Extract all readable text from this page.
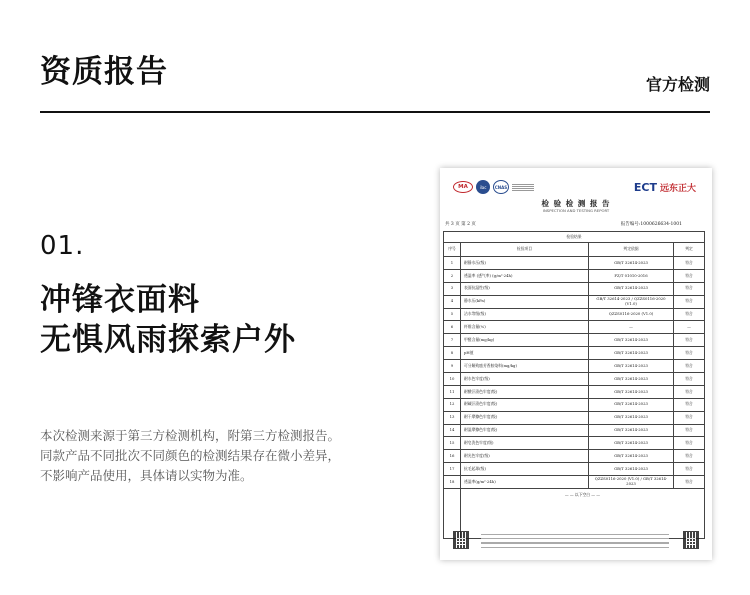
资质报告	官方检测
01.
冲锋衣面料
无惧风雨探索户外
本次检测来源于第三方检测机构，附第三方检测报告。
同款产品不同批次不同颜色的检测结果存在微小差异，
不影响产品使用，具体请以实物为准。
MA	ilac	CNAS	ECT 远东正大
检 验 检 测 报 告
INSPECTION AND TESTING REPORT
共 3 页 第 2 页	报告编号:1000626634-1001
检验结果			
序号	检验项目	判定依据	判定
1	耐静水压(级)	GB/T 32614-2023	符合
2	透湿率 (透气率) (g/m²·24h)	FZ/T 01010-2016	符合
3	表面抗湿性(级)	GB/T 32614-2023	符合
4	静水压(kPa)	GB/T 32614-2023 / QZZS0116-2020 (V1.0)	符合
5	沾水等级(级)	QZZS0116-2020 (V1.0)	符合
6	纤维含量(%)	—	—
7	甲醛含量(mg/kg)	GB/T 32614-2023	符合
8	pH值	GB/T 32614-2023	符合
9	可分解致癌芳香胺染料(mg/kg)	GB/T 32614-2023	符合
10	耐水色牢度(级)	GB/T 32614-2023	符合
11	耐酸汗渍色牢度(级)	GB/T 32614-2023	符合
12	耐碱汗渍色牢度(级)	GB/T 32614-2023	符合
13	耐干摩擦色牢度(级)	GB/T 32614-2023	符合
14	耐湿摩擦色牢度(级)	GB/T 32614-2023	符合
15	耐皂洗色牢度(级)	GB/T 32614-2023	符合
16	耐光色牢度(级)	GB/T 32614-2023	符合
17	抗毛起球(级)	GB/T 32614-2023	符合
18	透湿率(g/m²·24h)	QZZS0116-2020 (V1.0) / GB/T 32614-2023	符合
	— — 以下空白 — —		
